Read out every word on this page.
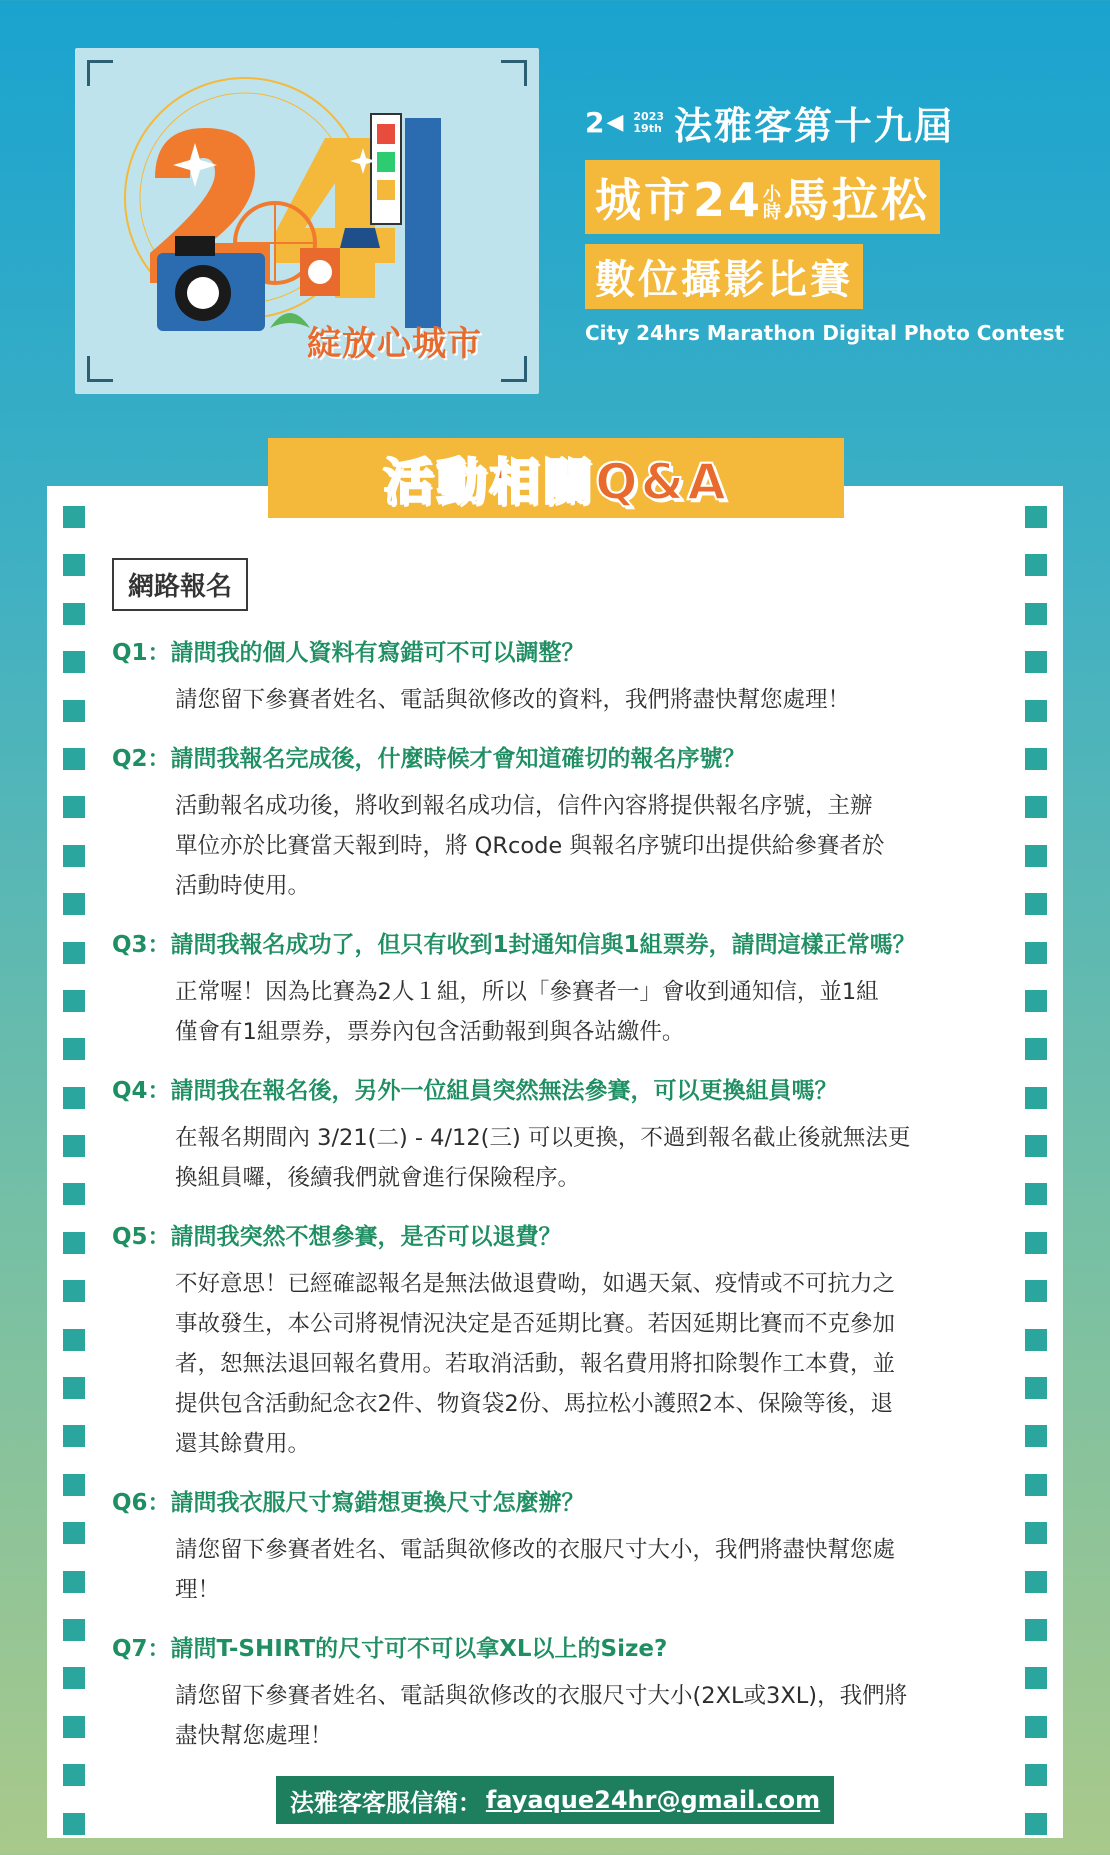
綻放心城市
2 ◀ 2023
19th 法雅客第十九屆
城市24小時馬拉松
數位攝影比賽
City 24hrs Marathon Digital Photo Contest
網路報名
Q1：請問我的個人資料有寫錯可不可以調整？

請您留下參賽者姓名、電話與欲修改的資料，我們將盡快幫您處理！

Q2：請問我報名完成後，什麼時候才會知道確切的報名序號？

活動報名成功後，將收到報名成功信，信件內容將提供報名序號，主辦

單位亦於比賽當天報到時，將 QRcode 與報名序號印出提供給參賽者於

活動時使用。

Q3：請問我報名成功了，但只有收到1封通知信與1組票券，請問這樣正常嗎？

正常喔！因為比賽為2人１組，所以「參賽者一」會收到通知信，並1組

僅會有1組票券，票券內包含活動報到與各站繳件。

Q4：請問我在報名後，另外一位組員突然無法參賽，可以更換組員嗎？

在報名期間內 3/21(二) - 4/12(三) 可以更換，不過到報名截止後就無法更

換組員囉，後續我們就會進行保險程序。

Q5：請問我突然不想參賽，是否可以退費？

不好意思！已經確認報名是無法做退費呦，如遇天氣、疫情或不可抗力之

事故發生，本公司將視情況決定是否延期比賽。若因延期比賽而不克參加

者，恕無法退回報名費用。若取消活動，報名費用將扣除製作工本費，並

提供包含活動紀念衣2件、物資袋2份、馬拉松小護照2本、保險等後，退

還其餘費用。

Q6：請問我衣服尺寸寫錯想更換尺寸怎麼辦？

請您留下參賽者姓名、電話與欲修改的衣服尺寸大小，我們將盡快幫您處

理！

Q7：請問T-SHIRT的尺寸可不可以拿XL以上的Size?

請您留下參賽者姓名、電話與欲修改的衣服尺寸大小(2XL或3XL)，我們將

盡快幫您處理！

法雅客客服信箱： fayaque24hr@gmail.com
活動相關Q&A
